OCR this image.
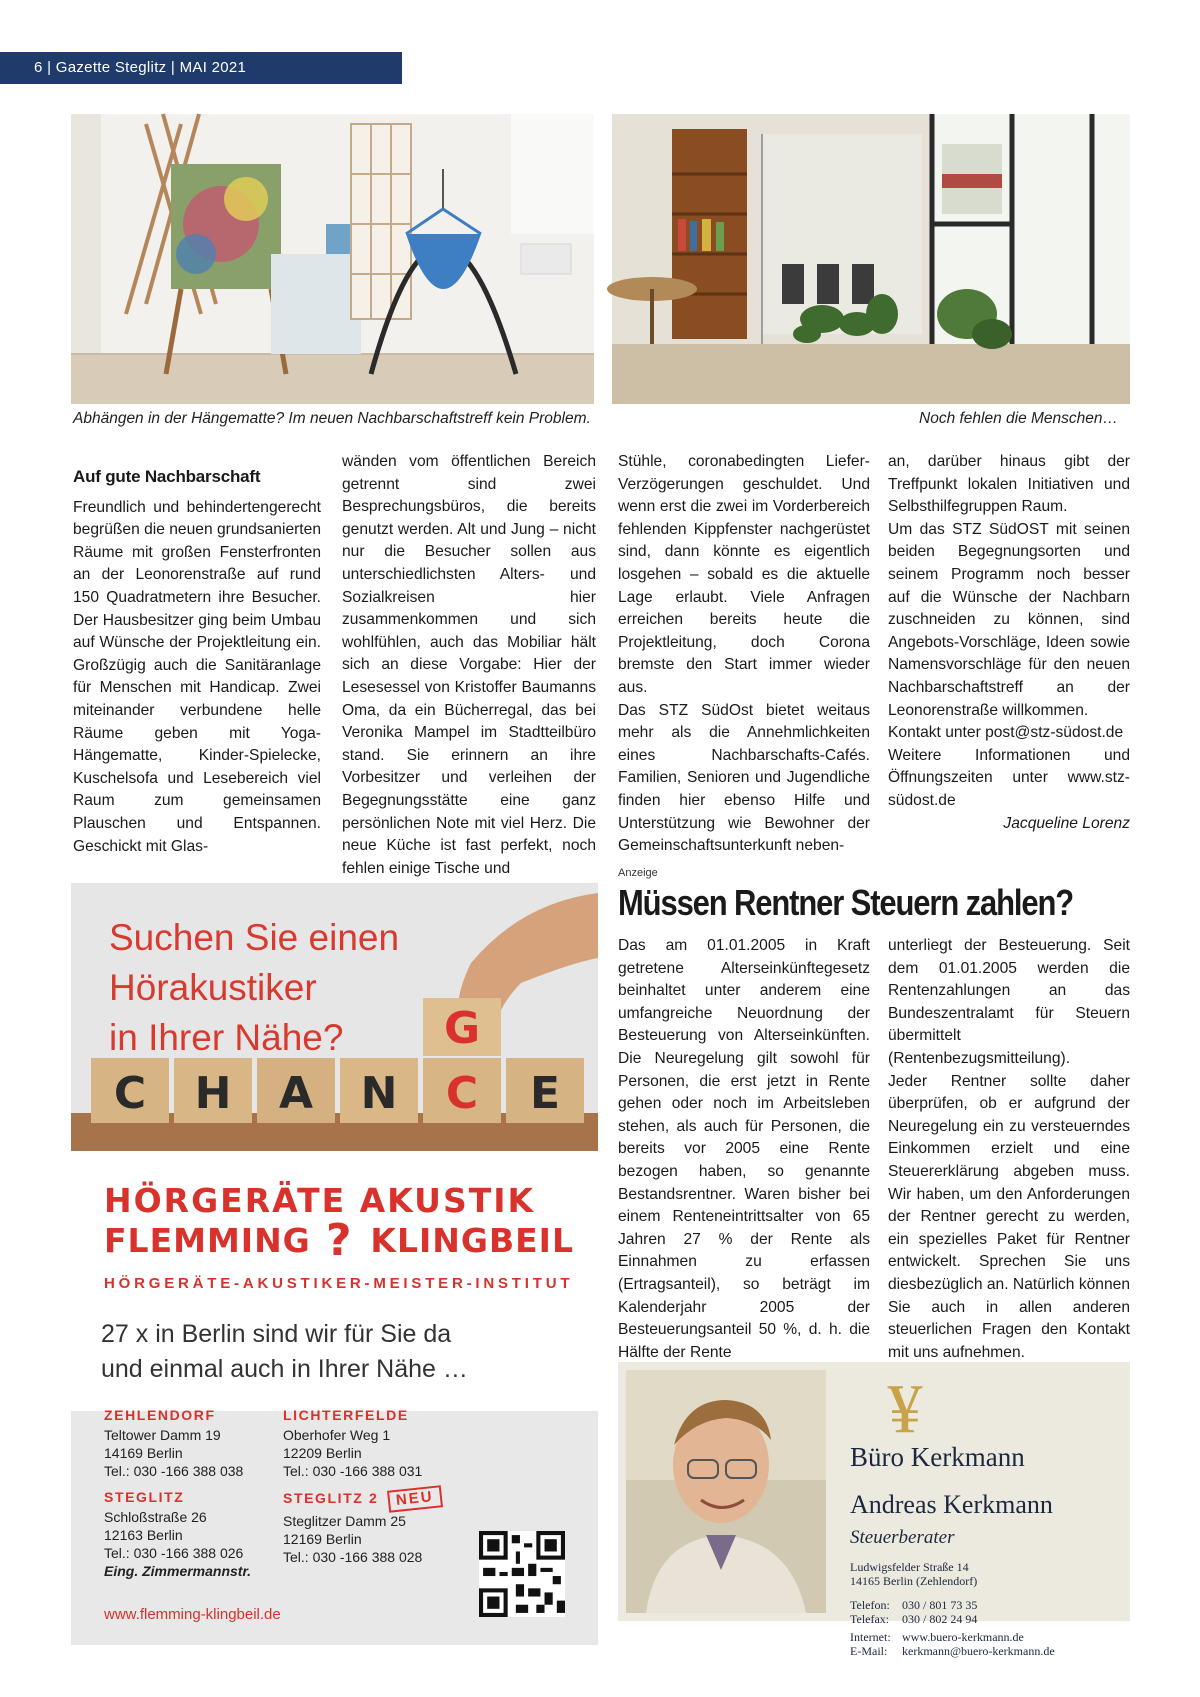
6 | Gazette Steglitz | MAI 2021
Abhängen in der Hängematte? Im neuen Nachbarschaftstreff kein Problem.	Noch fehlen die Menschen…
Auf gute Nachbarschaft

Freundlich und behindertengerecht begrüßen die neuen grundsanierten Räume mit großen Fensterfronten an der Leonorenstraße auf rund 150 Quadratmetern ihre Besucher. Der Hausbesitzer ging beim Umbau auf Wünsche der Projektleitung ein. Großzügig auch die Sanitäranlage für Menschen mit Handicap. Zwei miteinander verbundene helle Räume geben mit Yoga-Hängematte, Kinder-Spielecke, Kuschelsofa und Lesebereich viel Raum zum gemeinsamen Plauschen und Entspannen. Geschickt mit Glas-

wänden vom öffentlichen Bereich getrennt sind zwei Besprechungsbüros, die bereits genutzt werden. Alt und Jung – nicht nur die Besucher sollen aus unterschiedlichsten Alters- und Sozialkreisen hier zusammenkommen und sich wohlfühlen, auch das Mobiliar hält sich an diese Vorgabe: Hier der Lesesessel von Kristoffer Baumanns Oma, da ein Bücherregal, das bei Veronika Mampel im Stadtteilbüro stand. Sie erinnern an ihre Vorbesitzer und verleihen der Begegnungsstätte eine ganz persönlichen Note mit viel Herz. Die neue Küche ist fast perfekt, noch fehlen einige Tische und

Stühle, coronabedingten Liefer-Verzögerungen geschuldet. Und wenn erst die zwei im Vorderbereich fehlenden Kippfenster nachgerüstet sind, dann könnte es eigentlich losgehen – sobald es die aktuelle Lage erlaubt. Viele Anfragen erreichen bereits heute die Projektleitung, doch Corona bremste den Start immer wieder aus.

Das STZ SüdOst bietet weitaus mehr als die Annehmlichkeiten eines Nachbarschafts-Cafés. Familien, Senioren und Jugendliche finden hier ebenso Hilfe und Unterstützung wie Bewohner der Gemeinschaftsunterkunft neben-

an, darüber hinaus gibt der Treffpunkt lokalen Initiativen und Selbsthilfegruppen Raum.

Um das STZ SüdOST mit seinen beiden Begegnungsorten und seinem Programm noch besser auf die Wünsche der Nachbarn zuschneiden zu können, sind Angebots-Vorschläge, Ideen sowie Namensvorschläge für den neuen Nachbarschaftstreff an der Leonorenstraße willkommen.

Kontakt unter post@stz-südost.de

Weitere Informationen und Öffnungszeiten unter www.stz-südost.de

Jacqueline Lorenz

Anzeige
Müssen Rentner Steuern zahlen?

Das am 01.01.2005 in Kraft getretene Alterseinkünftegesetz beinhaltet unter anderem eine umfangreiche Neuordnung der Besteuerung von Alterseinkünften. Die Neuregelung gilt sowohl für Personen, die erst jetzt in Rente gehen oder noch im Arbeitsleben stehen, als auch für Personen, die bereits vor 2005 eine Rente bezogen haben, so genannte Bestandsrentner. Waren bisher bei einem Renteneintrittsalter von 65 Jahren 27 % der Rente als Einnahmen zu erfassen (Ertragsanteil), so beträgt im Kalenderjahr 2005 der Besteuerungsanteil 50 %, d. h. die Hälfte der Rente

unterliegt der Besteuerung. Seit dem 01.01.2005 werden die Rentenzahlungen an das Bundeszentralamt für Steuern übermittelt (Rentenbezugsmitteilung).

Jeder Rentner sollte daher überprüfen, ob er aufgrund der Neuregelung ein zu versteuerndes Einkommen erzielt und eine Steuererklärung abgeben muss. Wir haben, um den Anforderungen der Rentner gerecht zu werden, ein spezielles Paket für Rentner entwickelt. Sprechen Sie uns diesbezüglich an. Natürlich können Sie auch in allen anderen steuerlichen Fragen den Kontakt mit uns aufnehmen.

C H A N C
G
E
Suchen Sie einen
Hörakustiker
in Ihrer Nähe?
HÖRGERÄTE AKUSTIK
FLEMMING ? KLINGBEIL
HÖRGERÄTE-AKUSTIKER-MEISTER-INSTITUT
27 x in Berlin sind wir für Sie da
und einmal auch in Ihrer Nähe …
ZEHLENDORF
Teltower Damm 19
14169 Berlin
Tel.: 030 -166 388 038
LICHTERFELDE
Oberhofer Weg 1
12209 Berlin
Tel.: 030 -166 388 031
STEGLITZ
Schloßstraße 26
12163 Berlin
Tel.: 030 -166 388 026
Eing. Zimmermannstr.
STEGLITZ 2 NEU
Steglitzer Damm 25
12169 Berlin
Tel.: 030 -166 388 028
www.flemming-klingbeil.de
¥
Büro Kerkmann
Andreas Kerkmann
Steuerberater
Ludwigsfelder Straße 14
14165 Berlin (Zehlendorf)
Telefon: 030 / 801 73 35
Telefax: 030 / 802 24 94
Internet: www.buero-kerkmann.de
E-Mail: kerkmann@buero-kerkmann.de
